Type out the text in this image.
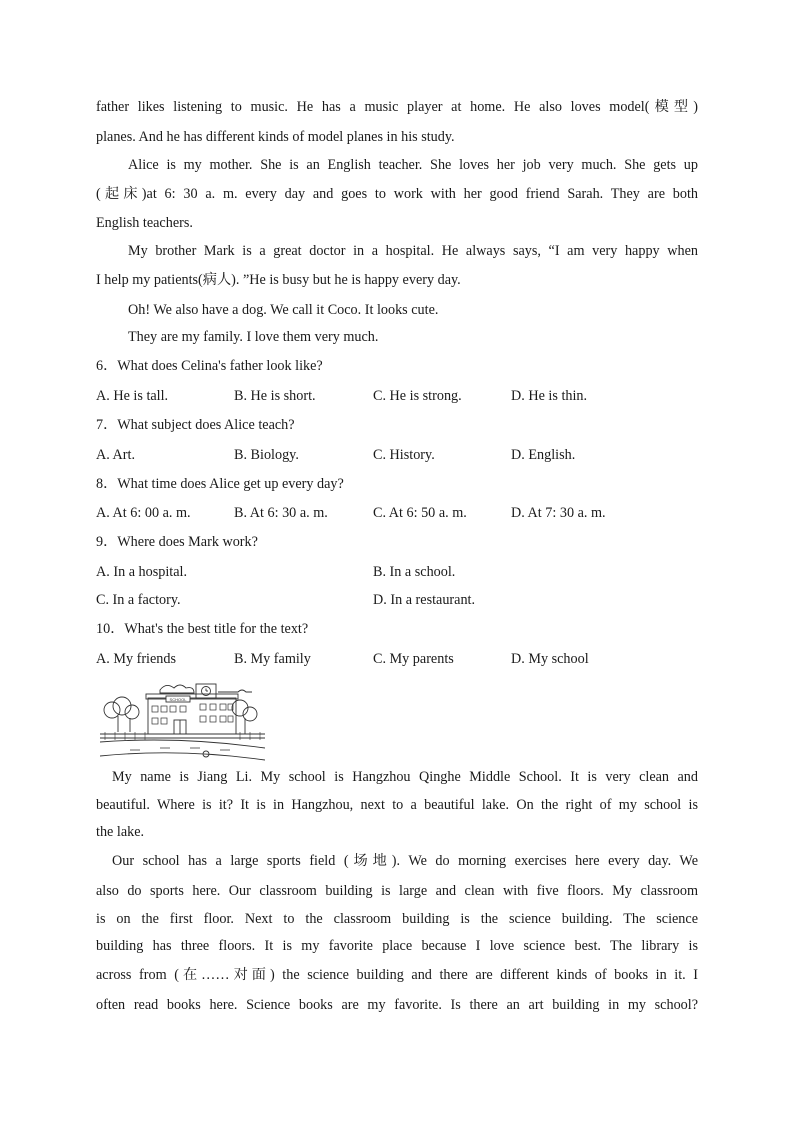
father likes listening to music. He has a music player at home. He also loves model(模型)
planes. And he has different kinds of model planes in his study.
Alice is my mother. She is an English teacher. She loves her job very much. She gets up
(起床)at 6: 30 a. m. every day and goes to work with her good friend Sarah. They are both
English teachers.
My brother Mark is a great doctor in a hospital. He always says, “I am very happy when
I help my patients(病人). ”He is busy but he is happy every day.
Oh! We also have a dog. We call it Coco. It looks cute.
They are my family. I love them very much.
6．What does Celina's father look like?
A. He is tall.	B. He is short.	C. He is strong.	D. He is thin.
7．What subject does Alice teach?
A. Art.	B. Biology.	C. History.	D. English.
8．What time does Alice get up every day?
A. At 6: 00 a. m.	B. At 6: 30 a. m.	C. At 6: 50 a. m.	D. At 7: 30 a. m.
9．Where does Mark work?
A. In a hospital.	B. In a school.
C. In a factory.	D. In a restaurant.
10．What's the best title for the text?
A. My friends	B. My family	C. My parents	D. My school
My name is Jiang Li. My school is Hangzhou Qinghe Middle School. It is very clean and
beautiful. Where is it? It is in Hangzhou, next to a beautiful lake. On the right of my school is
the lake.
Our school has a large sports field (场地). We do morning exercises here every day. We
also do sports here. Our classroom building is large and clean with five floors. My classroom
is on the first floor. Next to the classroom building is the science building. The science
building has three floors. It is my favorite place because I love science best. The library is
across from (在……对面) the science building and there are different kinds of books in it. I
often read books here. Science books are my favorite. Is there an art building in my school?
SCHOOL
